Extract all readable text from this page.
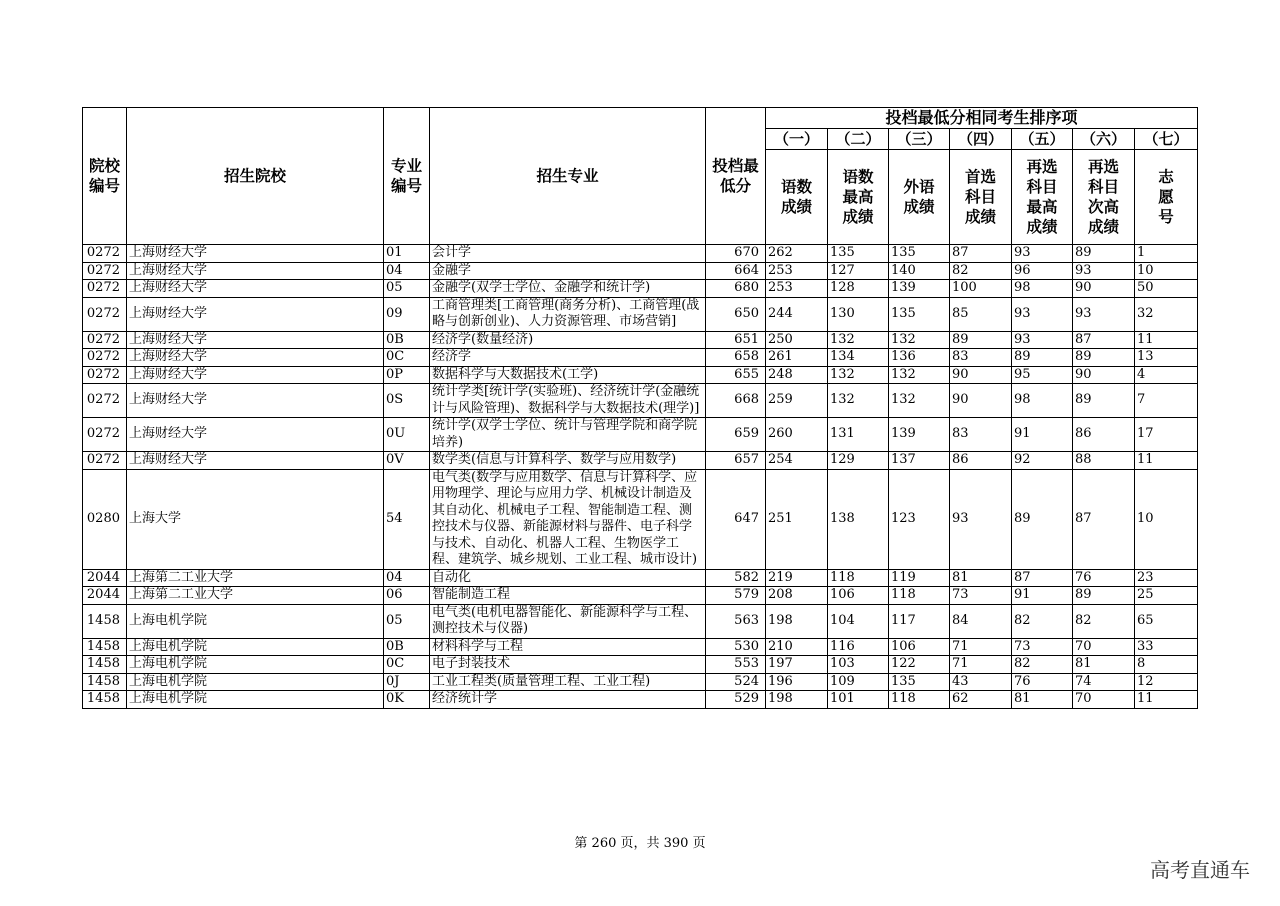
院校编号	招生院校	专业编号	招生专业	投档最低分	投档最低分相同考生排序项						
					（一）	（二）	（三）	（四）	（五）	（六）	（七）
					语数成绩	语数最高成绩	外语成绩	首选科目成绩	再选科目最高成绩	再选科目次高成绩	志愿号
0272	上海财经大学	01	会计学	670	262	135	135	87	93	89	1
0272	上海财经大学	04	金融学	664	253	127	140	82	96	93	10
0272	上海财经大学	05	金融学(双学士学位、金融学和统计学)	680	253	128	139	100	98	90	50
0272	上海财经大学	09	工商管理类[工商管理(商务分析)、工商管理(战略与创新创业)、人力资源管理、市场营销]	650	244	130	135	85	93	93	32
0272	上海财经大学	0B	经济学(数量经济)	651	250	132	132	89	93	87	11
0272	上海财经大学	0C	经济学	658	261	134	136	83	89	89	13
0272	上海财经大学	0P	数据科学与大数据技术(工学)	655	248	132	132	90	95	90	4
0272	上海财经大学	0S	统计学类[统计学(实验班)、经济统计学(金融统计与风险管理)、数据科学与大数据技术(理学)]	668	259	132	132	90	98	89	7
0272	上海财经大学	0U	统计学(双学士学位、统计与管理学院和商学院培养)	659	260	131	139	83	91	86	17
0272	上海财经大学	0V	数学类(信息与计算科学、数学与应用数学)	657	254	129	137	86	92	88	11
0280	上海大学	54	电气类(数学与应用数学、信息与计算科学、应用物理学、理论与应用力学、机械设计制造及其自动化、机械电子工程、智能制造工程、测控技术与仪器、新能源材料与器件、电子科学与技术、自动化、机器人工程、生物医学工程、建筑学、城乡规划、工业工程、城市设计)	647	251	138	123	93	89	87	10
2044	上海第二工业大学	04	自动化	582	219	118	119	81	87	76	23
2044	上海第二工业大学	06	智能制造工程	579	208	106	118	73	91	89	25
1458	上海电机学院	05	电气类(电机电器智能化、新能源科学与工程、测控技术与仪器)	563	198	104	117	84	82	82	65
1458	上海电机学院	0B	材料科学与工程	530	210	116	106	71	73	70	33
1458	上海电机学院	0C	电子封装技术	553	197	103	122	71	82	81	8
1458	上海电机学院	0J	工业工程类(质量管理工程、工业工程)	524	196	109	135	43	76	74	12
1458	上海电机学院	0K	经济统计学	529	198	101	118	62	81	70	11
第 260 页，共 390 页
高考直通车
